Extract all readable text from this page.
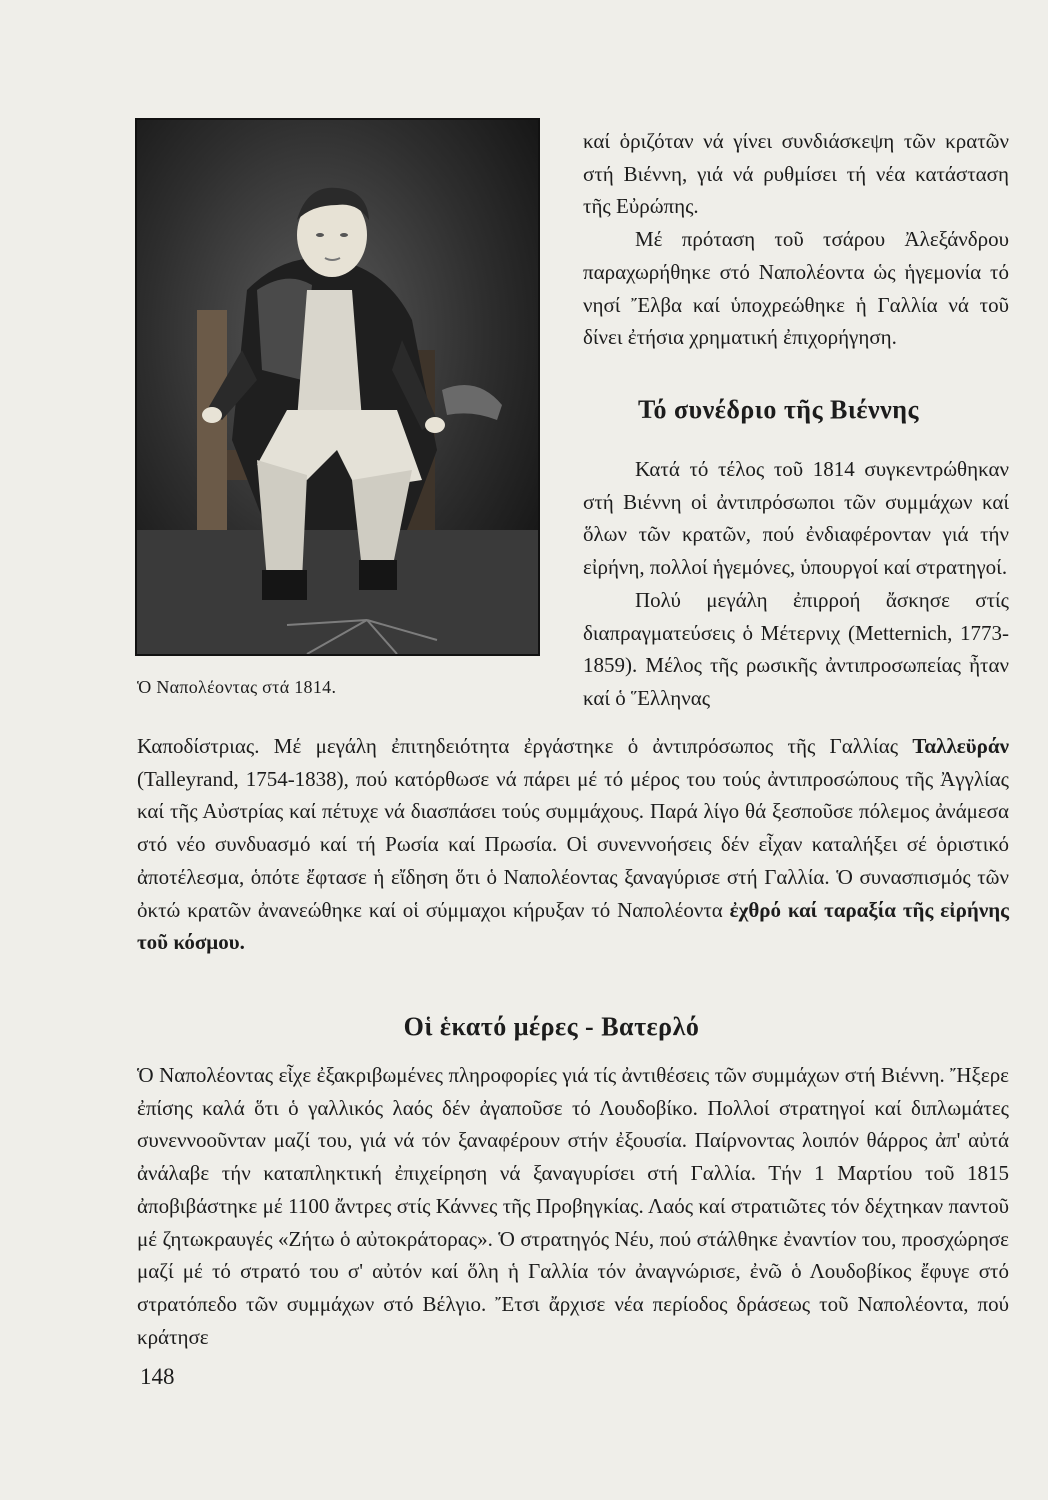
Ὁ Ναπολέοντας στά 1814.

καί ὁριζόταν νά γίνει συνδιάσκεψη τῶν κρατῶν στή Βιέννη, γιά νά ρυθμίσει τή νέα κατάσταση τῆς Εὐρώπης.

Μέ πρόταση τοῦ τσάρου Ἀλεξάνδρου παραχωρήθηκε στό Ναπολέοντα ὡς ἡγεμονία τό νησί Ἔλβα καί ὑποχρεώθηκε ἡ Γαλλία νά τοῦ δίνει ἐτήσια χρηματική ἐπιχορήγηση.

Τό συνέδριο τῆς Βιέννης

Κατά τό τέλος τοῦ 1814 συγκεντρώθηκαν στή Βιέννη οἱ ἀντιπρόσωποι τῶν συμμάχων καί ὅλων τῶν κρατῶν, πού ἐνδιαφέρονταν γιά τήν εἰρήνη, πολλοί ἡγεμόνες, ὑπουργοί καί στρατηγοί.

Πολύ μεγάλη ἐπιρροή ἄσκησε στίς διαπραγματεύσεις ὁ Μέτερνιχ (Metternich, 1773-1859). Μέλος τῆς ρωσικῆς ἀντιπροσωπείας ἦταν καί ὁ Ἕλληνας

Καποδίστριας. Μέ μεγάλη ἐπιτηδειότητα ἐργάστηκε ὁ ἀντιπρόσωπος τῆς Γαλλίας Ταλλεϋράν (Talleyrand, 1754-1838), πού κατόρθωσε νά πάρει μέ τό μέρος του τούς ἀντιπροσώπους τῆς Ἀγγλίας καί τῆς Αὐστρίας καί πέτυχε νά διασπάσει τούς συμμάχους. Παρά λίγο θά ξεσποῦσε πόλεμος ἀνάμεσα στό νέο συνδυασμό καί τή Ρωσία καί Πρωσία. Οἱ συνεννοήσεις δέν εἶχαν καταλήξει σέ ὁριστικό ἀποτέλεσμα, ὁπότε ἔφτασε ἡ εἴδηση ὅτι ὁ Ναπολέοντας ξαναγύρισε στή Γαλλία. Ὁ συνασπισμός τῶν ὀκτώ κρατῶν ἀνανεώθηκε καί οἱ σύμμαχοι κήρυξαν τό Ναπολέοντα ἐχθρό καί ταραξία τῆς εἰρήνης τοῦ κόσμου.

Οἱ ἑκατό μέρες - Βατερλό

Ὁ Ναπολέοντας εἶχε ἐξακριβωμένες πληροφορίες γιά τίς ἀντιθέσεις τῶν συμμάχων στή Βιέννη. Ἤξερε ἐπίσης καλά ὅτι ὁ γαλλικός λαός δέν ἀγαποῦσε τό Λουδοβίκο. Πολλοί στρατηγοί καί διπλωμάτες συνεννοοῦνταν μαζί του, γιά νά τόν ξαναφέρουν στήν ἐξουσία. Παίρνοντας λοιπόν θάρρος ἀπ' αὐτά ἀνάλαβε τήν καταπληκτική ἐπιχείρηση νά ξαναγυρίσει στή Γαλλία. Τήν 1 Μαρτίου τοῦ 1815 ἀποβιβάστηκε μέ 1100 ἄντρες στίς Κάννες τῆς Προβηγκίας. Λαός καί στρατιῶτες τόν δέχτηκαν παντοῦ μέ ζητωκραυγές «Ζήτω ὁ αὐτοκράτορας». Ὁ στρατηγός Νέυ, πού στάλθηκε ἐναντίον του, προσχώρησε μαζί μέ τό στρατό του σ' αὐτόν καί ὅλη ἡ Γαλλία τόν ἀναγνώρισε, ἐνῶ ὁ Λουδοβίκος ἔφυγε στό στρατόπεδο τῶν συμμάχων στό Βέλγιο. Ἔτσι ἄρχισε νέα περίοδος δράσεως τοῦ Ναπολέοντα, πού κράτησε

148
